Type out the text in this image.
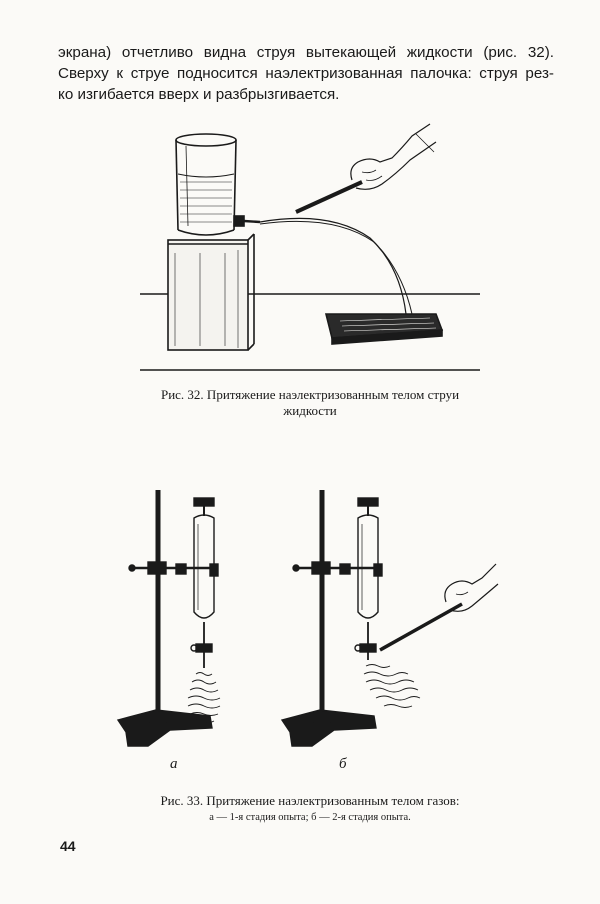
экрана) отчетливо видна струя вытекающей жидкости (рис. 32).
Сверху к струе подносится наэлектризованная палочка: струя рез-
ко изгибается вверх и разбрызгивается.

Рис. 32. Притяжение наэлектризованным телом струи
жидкости
а	б
Рис. 33. Притяжение наэлектризованным телом газов:
а — 1-я стадия опыта; б — 2-я стадия опыта.
44
